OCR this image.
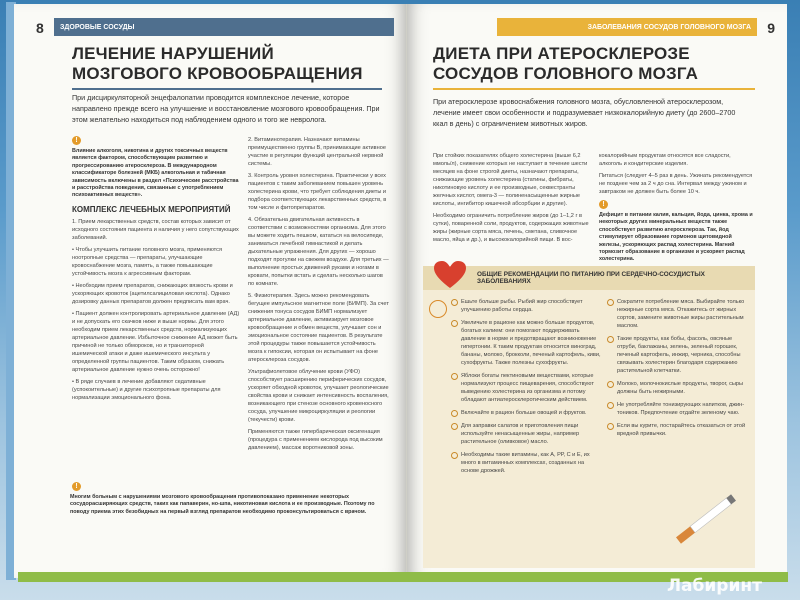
8	ЗДОРОВЫЕ СОСУДЫ
ЛЕЧЕНИЕ НАРУШЕНИЙ МОЗГОВОГО КРОВООБРАЩЕНИЯ
При дисциркуляторной энцефалопатии проводится комплексное лечение, которое направлено прежде всего на улучшение и восстановление мозгового кровообращения. При этом желательно находиться под наблюдением одного и того же невролога.
!
Влияние алкоголя, никотина и других токсичных веществ является фактором, способствующим развитию и прогрессированию атеросклероза. В международном классификаторе болезней (МКБ) алкогольная и табачная зависимость включены в раздел «Психические расстройства и расстройства поведения, связанные с употреблением психоактивных веществ».
КОМПЛЕКС ЛЕЧЕБНЫХ МЕРОПРИЯТИЙ

1. Прием лекарственных средств, состав которых зависит от исходного состояния пациента и наличия у него сопутствующих заболеваний.

• Чтобы улучшить питание головного мозга, применяются ноотропные средства — препараты, улучшающие кровоснабжение мозга, память, а также повышающие устойчивость мозга к агрессивным факторам.

• Необходим прием препаратов, снижающих вязкость крови и ускоряющих кровоток (ацетилсалициловая кислота). Однако дозировку данных препаратов должен предписать вам врач.

• Пациент должен контролировать артериальное давление (АД) и не допускать его скачков ниже и выше нормы. Для этого необходим прием лекарственных средств, нормализующих артериальное давление. Избыточное снижение АД может быть причиной не только обмороков, но и транзиторной ишемической атаки и даже ишемического инсульта у определенной группы пациентов. Таким образом, снижать артериальное давление нужно очень осторожно!

• В ряде случаев в лечение добавляют седативные (успокоительные) и другие психотропные препараты для нормализации эмоционального фона.

2. Витаминотерапия. Назначают витамины преимущественно группы В, принимающие активное участие в регуляции функций центральной нервной системы.

3. Контроль уровня холестерина. Практически у всех пациентов с таким заболеванием повышен уровень холестерина крови, что требует соблюдения диеты и подбора соответствующих лекарственных средств, в том числе и фитопрепаратов.

4. Обязательна двигательная активность в соответствии с возможностями организма. Для этого вы можете ходить пешком, кататься на велосипеде, заниматься лечебной гимнастикой и делать дыхательные упражнения. Для других — хорошо подходят прогулки на свежем воздухе. Для третьих — выполнение простых движений руками и ногами в кровати, попытки встать и сделать несколько шагов по комнате.

5. Физиотерапия. Здесь можно рекомендовать бегущее импульсное магнитное поле (БИМП). За счет снижения тонуса сосудов БИМП нормализует артериальное давление, активизирует мозговое кровообращение и обмен веществ, улучшает сон и эмоциональное состояние пациентов. В результате этой процедуры также повышается устойчивость мозга к гипоксии, которая он испытывает на фоне атеросклероза сосудов.

Ультрафиолетовое облучение крови (УФО) способствует расширению периферических сосудов, ускоряет обходной кровоток, улучшает реологические свойства крови и снижает интенсивность воспаления, возникающего при стенозе основного кровеносного сосуда, улучшение микроциркуляции и реологии (текучести) крови.

Применяются также гипербарическая оксигенация (процедура с применением кислорода под высоким давлением), массаж воротниковой зоны.

!
Многим больным с нарушениями мозгового кровообращения противопоказано применение некоторых сосудорасширяющих средств, таких как папаверин, но-шпа, никотиновая кислота и ее производные. Поэтому по поводу приема этих безобидных на первый взгляд препаратов необходимо проконсультироваться с врачом.
ЗАБОЛЕВАНИЯ СОСУДОВ ГОЛОВНОГО МОЗГА	9
ДИЕТА ПРИ АТЕРОСКЛЕРОЗЕ СОСУДОВ ГОЛОВНОГО МОЗГА
При атеросклерозе кровоснабжения головного мозга, обусловленной атеросклерозом, лечение имеет свои особенности и подразумевает низкокалорийную диету (до 2600–2700 ккал в день) с ограничением животных жиров.

При стойких показателях общего холестерина (выше 6,2 ммоль/л), снижение которых не наступает в течение шести месяцев на фоне строгой диеты, назначают препараты, снижающие уровень холестерина (статины, фибраты, никотиновую кислоту и ее производные, секвестранты желчных кислот, омега-3 — полиненасыщенные жирные кислоты, ингибитор кишечной абсорбции и другие).

Необходимо ограничить потребление жиров (до 1–1,2 г в сутки), поваренной соли, продуктов, содержащих животные жиры (жирные сорта мяса, печень, сметана, сливочное масло, яйца и др.), и высококалорийной пищи. В вос-

кокалорийным продуктам относятся все сладости, алкоголь и кондитерские изделия.

Питаться (следует 4–5 раз в день. Ужинать рекомендуется не позднее чем за 2 ч до сна. Интервал между ужином и завтраком не должен быть более 10 ч.

!
Дефицит в питании калия, кальция, йода, цинка, хрома и некоторых других минеральных веществ также способствует развитию атеросклероза. Так, йод стимулирует образование гормонов щитовидной железы, ускоряющих распад холестерина. Магний тормозит образование в организме и ускоряет распад холестерина.
ОБЩИЕ РЕКОМЕНДАЦИИ ПО ПИТАНИЮ ПРИ СЕРДЕЧНО-СОСУДИСТЫХ ЗАБОЛЕВАНИЯХ

Ешьте больше рыбы. Рыбий жир способствует улучшению работы сердца.

Увеличьте в рационе как можно больше продуктов, богатых калием: они помогают поддерживать давление в норме и предотвращают возникновение гипертонии. К таким продуктам относится виноград, бананы, молоко, брокколи, печеный картофель, киви, сухофрукты. Также полезны сухофрукты.

Яблоки богаты пектиновыми веществами, которые нормализуют процесс пищеварения, способствуют выведению холестерина из организма и потому обладают антиатеросклеротическим действием.

Включайте в рацион больше овощей и фруктов.

Для заправки салатов и приготовления пищи используйте ненасыщенные жиры, например растительное (оливковое) масло.

Необходимы такие витамины, как А, РР, С и Е, их много в витаминных комплексах, созданных на основе дрожжей.

Сократите потребление мяса. Выбирайте только нежирные сорта мяса. Откажитесь от жирных сортов, замените животные жиры растительным маслом.

Такие продукты, как бобы, фасоль, овсяные отруби, баклажаны, зелень, зеленый горошек, печеный картофель, инжир, черника, способны связывать холестерин благодаря содержанию растительной клетчатки.

Молоко, молочнокислые продукты, творог, сыры должны быть нежирными.

Не употребляйте тонизирующих напитков, джин-тоников. Предпочтение отдайте зеленому чаю.

Если вы курите, постарайтесь отказаться от этой вредной привычки.

Лабиринт
